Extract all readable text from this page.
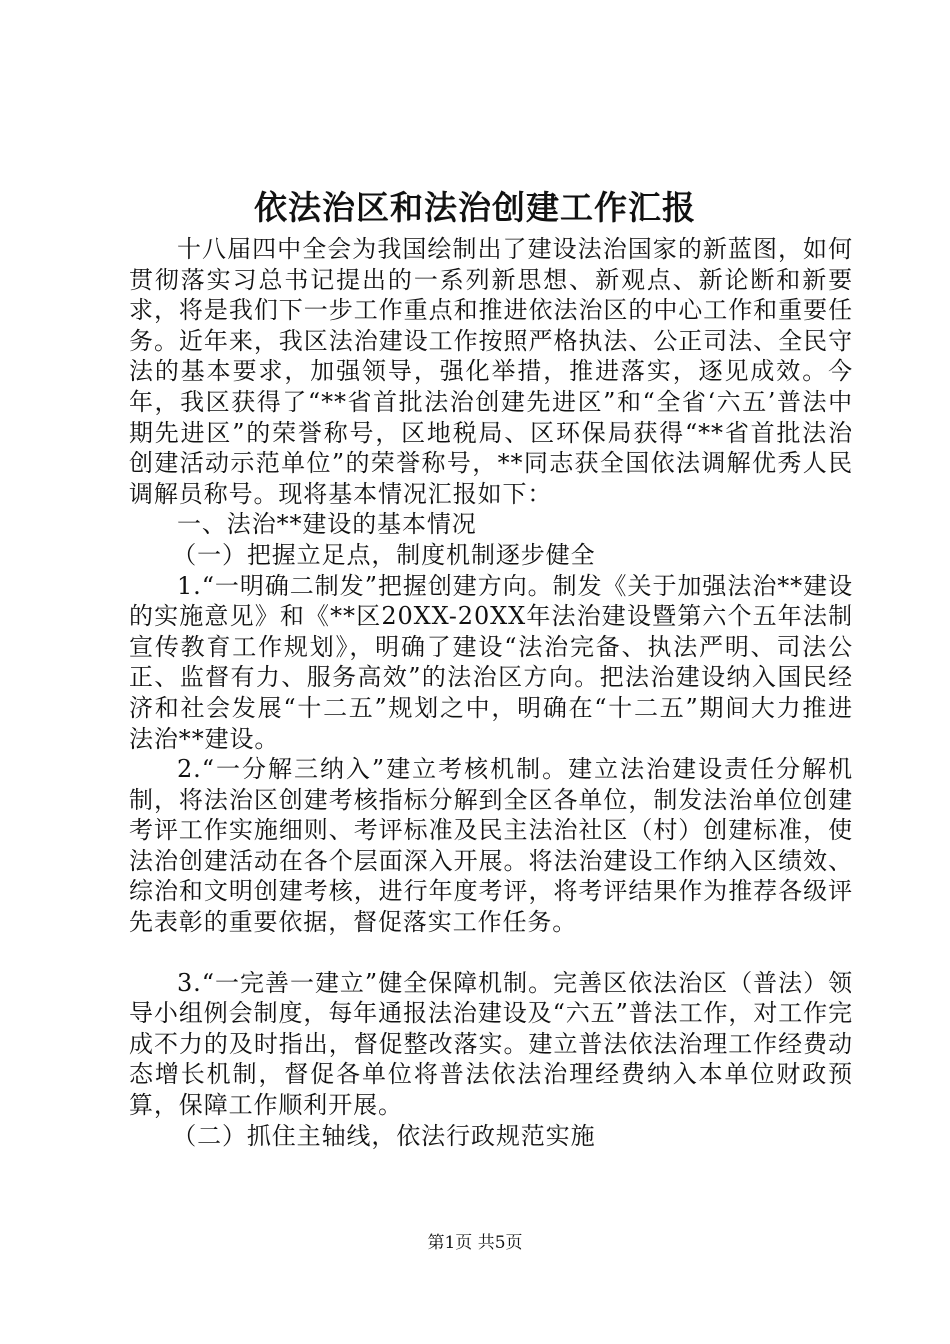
依法治区和法治创建工作汇报

十八届四中全会为我国绘制出了建设法治国家的新蓝图，如何贯彻落实习总书记提出的一系列新思想、新观点、新论断和新要求，将是我们下一步工作重点和推进依法治区的中心工作和重要任务。近年来，我区法治建设工作按照严格执法、公正司法、全民守法的基本要求，加强领导，强化举措，推进落实，逐见成效。今年，我区获得了“**省首批法治创建先进区”和“全省‘六五’普法中期先进区”的荣誉称号，区地税局、区环保局获得“**省首批法治创建活动示范单位”的荣誉称号，**同志获全国依法调解优秀人民调解员称号。现将基本情况汇报如下：

一、法治**建设的基本情况

（一）把握立足点，制度机制逐步健全

1.“一明确二制发”把握创建方向。制发《关于加强法治**建设的实施意见》和《**区20XX-20XX年法治建设暨第六个五年法制宣传教育工作规划》，明确了建设“法治完备、执法严明、司法公正、监督有力、服务高效”的法治区方向。把法治建设纳入国民经济和社会发展“十二五”规划之中，明确在“十二五”期间大力推进法治**建设。

2.“一分解三纳入”建立考核机制。建立法治建设责任分解机制，将法治区创建考核指标分解到全区各单位，制发法治单位创建考评工作实施细则、考评标准及民主法治社区（村）创建标准，使法治创建活动在各个层面深入开展。将法治建设工作纳入区绩效、综治和文明创建考核，进行年度考评，将考评结果作为推荐各级评先表彰的重要依据，督促落实工作任务。

3.“一完善一建立”健全保障机制。完善区依法治区（普法）领导小组例会制度，每年通报法治建设及“六五”普法工作，对工作完成不力的及时指出，督促整改落实。建立普法依法治理工作经费动态增长机制，督促各单位将普法依法治理经费纳入本单位财政预算，保障工作顺利开展。

（二）抓住主轴线，依法行政规范实施

第1页 共5页
